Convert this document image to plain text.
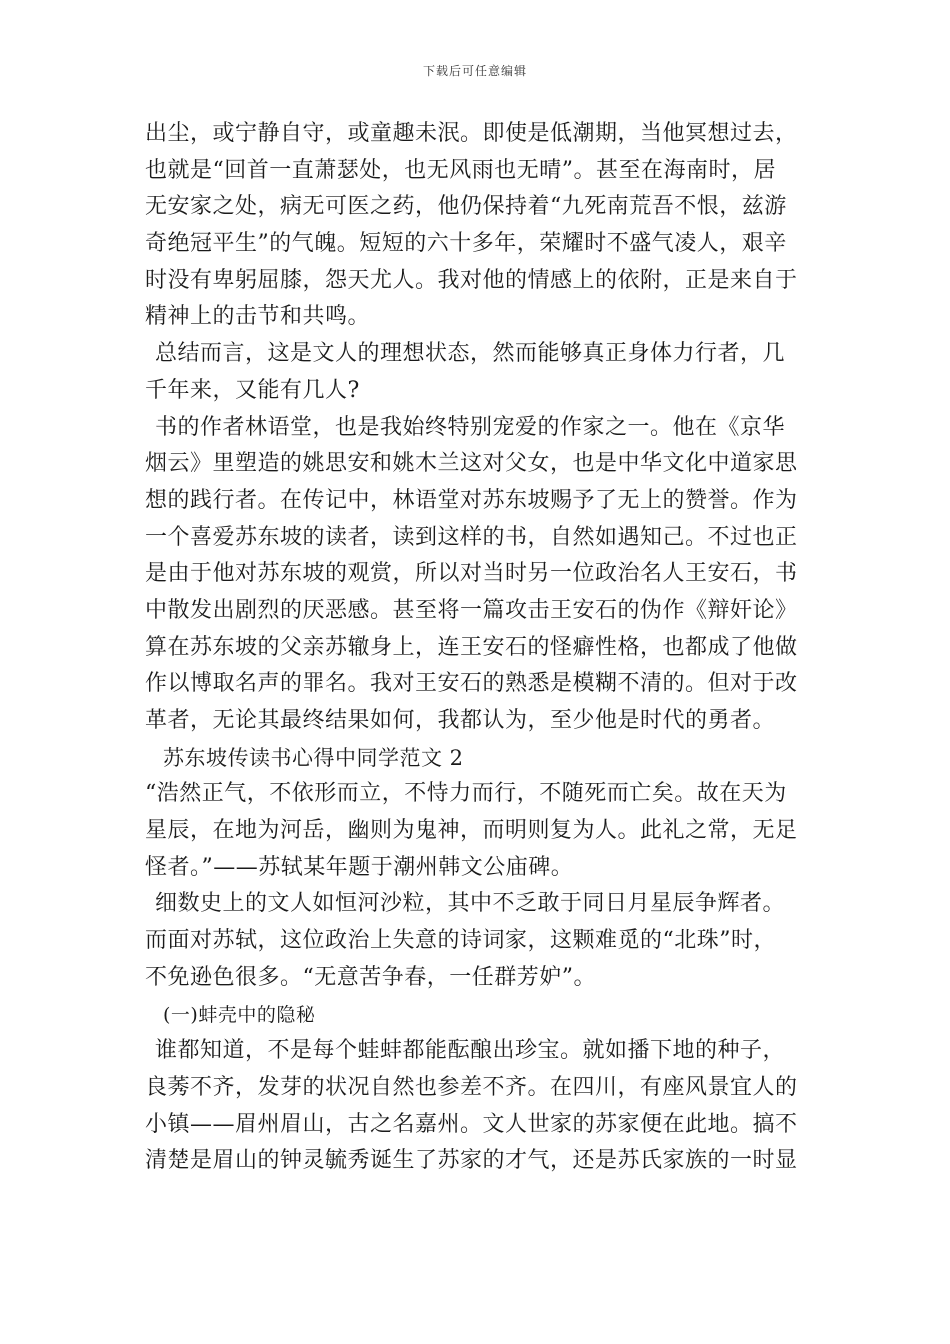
下载后可任意编辑
出尘，或宁静自守，或童趣未泯。即使是低潮期，当他冥想过去，
也就是“回首一直萧瑟处，也无风雨也无晴”。甚至在海南时，居
无安家之处，病无可医之药，他仍保持着“九死南荒吾不恨，兹游
奇绝冠平生”的气魄。短短的六十多年，荣耀时不盛气凌人，艰辛
时没有卑躬屈膝，怨天尤人。我对他的情感上的依附，正是来自于
精神上的击节和共鸣。
总结而言，这是文人的理想状态，然而能够真正身体力行者，几
千年来，又能有几人?
书的作者林语堂，也是我始终特别宠爱的作家之一。他在《京华
烟云》里塑造的姚思安和姚木兰这对父女，也是中华文化中道家思
想的践行者。在传记中，林语堂对苏东坡赐予了无上的赞誉。作为
一个喜爱苏东坡的读者，读到这样的书，自然如遇知己。不过也正
是由于他对苏东坡的观赏，所以对当时另一位政治名人王安石，书
中散发出剧烈的厌恶感。甚至将一篇攻击王安石的伪作《辩奸论》
算在苏东坡的父亲苏辙身上，连王安石的怪癖性格，也都成了他做
作以博取名声的罪名。我对王安石的熟悉是模糊不清的。但对于改
革者，无论其最终结果如何，我都认为，至少他是时代的勇者。
苏东坡传读书心得中同学范文 2
“浩然正气，不依形而立，不恃力而行，不随死而亡矣。故在天为
星辰，在地为河岳，幽则为鬼神，而明则复为人。此礼之常，无足
怪者。”——苏轼某年题于潮州韩文公庙碑。
细数史上的文人如恒河沙粒，其中不乏敢于同日月星辰争辉者。
而面对苏轼，这位政治上失意的诗词家，这颗难觅的“北珠”时，
不免逊色很多。“无意苦争春，一任群芳妒”。
(一)蚌壳中的隐秘
谁都知道，不是每个蛙蚌都能酝酿出珍宝。就如播下地的种子，
良莠不齐，发芽的状况自然也参差不齐。在四川，有座风景宜人的
小镇——眉州眉山，古之名嘉州。文人世家的苏家便在此地。搞不
清楚是眉山的钟灵毓秀诞生了苏家的才气，还是苏氏家族的一时显
